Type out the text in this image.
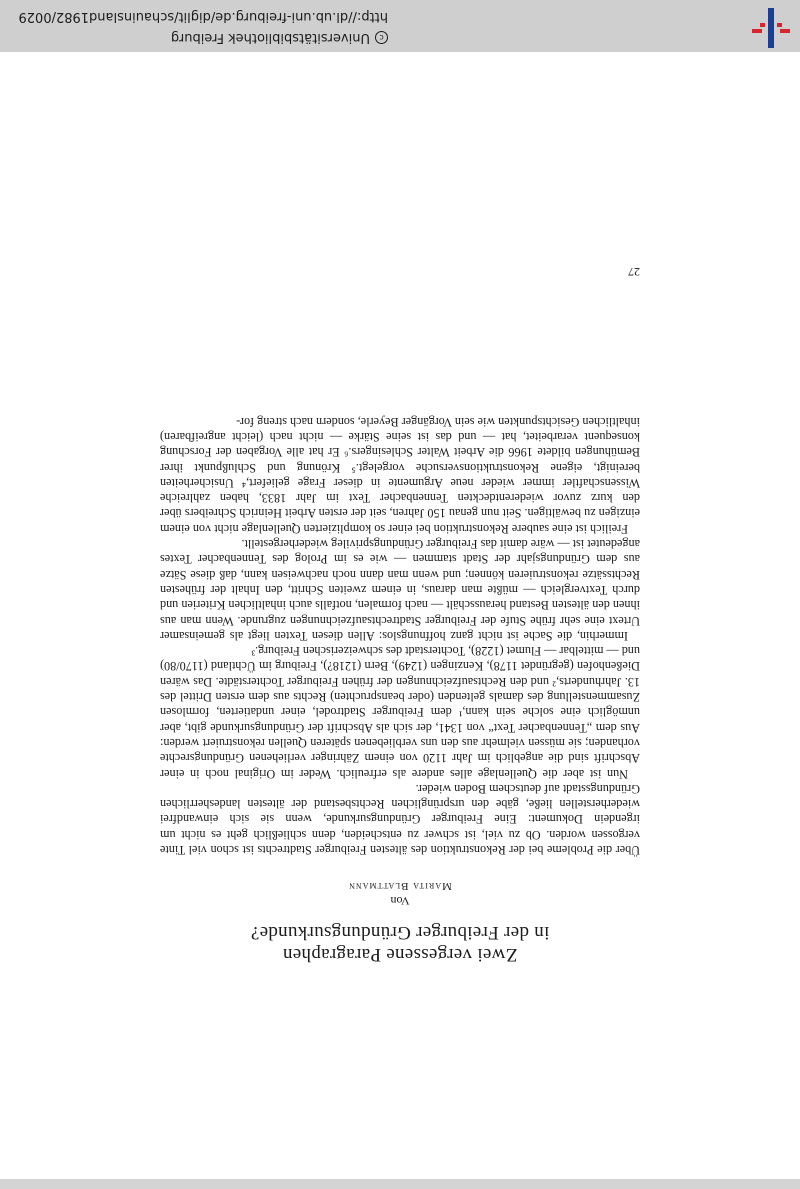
Zwei vergessene Paragraphen
in der Freiburger Gründungsurkunde?
Von
Marita Blattmann

Über die Probleme bei der Rekonstruktion des ältesten Freiburger Stadtrechts ist schon viel Tinte vergossen worden. Ob zu viel, ist schwer zu entscheiden, denn schließlich geht es nicht um irgendein Dokument: Eine Freiburger Gründungsurkunde, wenn sie sich einwandfrei wiederherstellen ließe, gäbe den ursprünglichen Rechtsbestand der ältesten landesherrlichen Gründungsstadt auf deutschem Boden wieder.

Nun ist aber die Quellenlage alles andere als erfreulich. Weder im Original noch in einer Abschrift sind die angeblich im Jahr 1120 von einem Zähringer verliehenen Gründungsrechte vorhanden; sie müssen vielmehr aus den uns verbliebenen späteren Quellen rekonstruiert werden: Aus dem „Tennenbacher Text“ von 1341, der sich als Abschrift der Gründungsurkunde gibt, aber unmöglich eine solche sein kann,¹ dem Freiburger Stadtrodel, einer undatierten, formlosen Zusammenstellung des damals geltenden (oder beanspruchten) Rechts aus dem ersten Drittel des 13. Jahrhunderts,² und den Rechtsaufzeichnungen der frühen Freiburger Tochterstädte. Das wären Dießenhofen (gegründet 1178), Kenzingen (1249), Bern (1218?), Freiburg im Üchtland (1170/80) und — mittelbar — Flumet (1228), Tochterstadt des schweizerischen Freiburg.³

Immerhin, die Sache ist nicht ganz hoffnungslos: Allen diesen Texten liegt als gemeinsamer Urtext eine sehr frühe Stufe der Freiburger Stadtrechtsaufzeichnungen zugrunde. Wenn man aus ihnen den ältesten Bestand herausschält — nach formalen, notfalls auch inhaltlichen Kriterien und durch Textvergleich — müßte man daraus, in einem zweiten Schritt, den Inhalt der frühesten Rechtssätze rekonstruieren können; und wenn man dann noch nachweisen kann, daß diese Sätze aus dem Gründungsjahr der Stadt stammen — wie es im Prolog des Tennenbacher Textes angedeutet ist — wäre damit das Freiburger Gründungsprivileg wiederhergestellt.

Freilich ist eine saubere Rekonstruktion bei einer so komplizierten Quellenlage nicht von einem einzigen zu bewältigen. Seit nun genau 150 Jahren, seit der ersten Arbeit Heinrich Schreibers über den kurz zuvor wiederentdeckten Tennenbacher Text im Jahr 1833, haben zahlreiche Wissenschaftler immer wieder neue Argumente in dieser Frage geliefert,⁴ Unsicherheiten bereinigt, eigene Rekonstruktionsversuche vorgelegt.⁵ Krönung und Schlußpunkt ihrer Bemühungen bildete 1966 die Arbeit Walter Schlesingers.⁶ Er hat alle Vorgaben der Forschung konsequent verarbeitet, hat — und das ist seine Stärke — nicht nach (leicht angreifbaren) inhaltlichen Gesichtspunkten wie sein Vorgänger Beyerle, sondern nach streng for-

27
cUniversitätsbibliothek Freiburg
http://dl.ub.uni-freiburg.de/diglit/schauinsland1982/0029
